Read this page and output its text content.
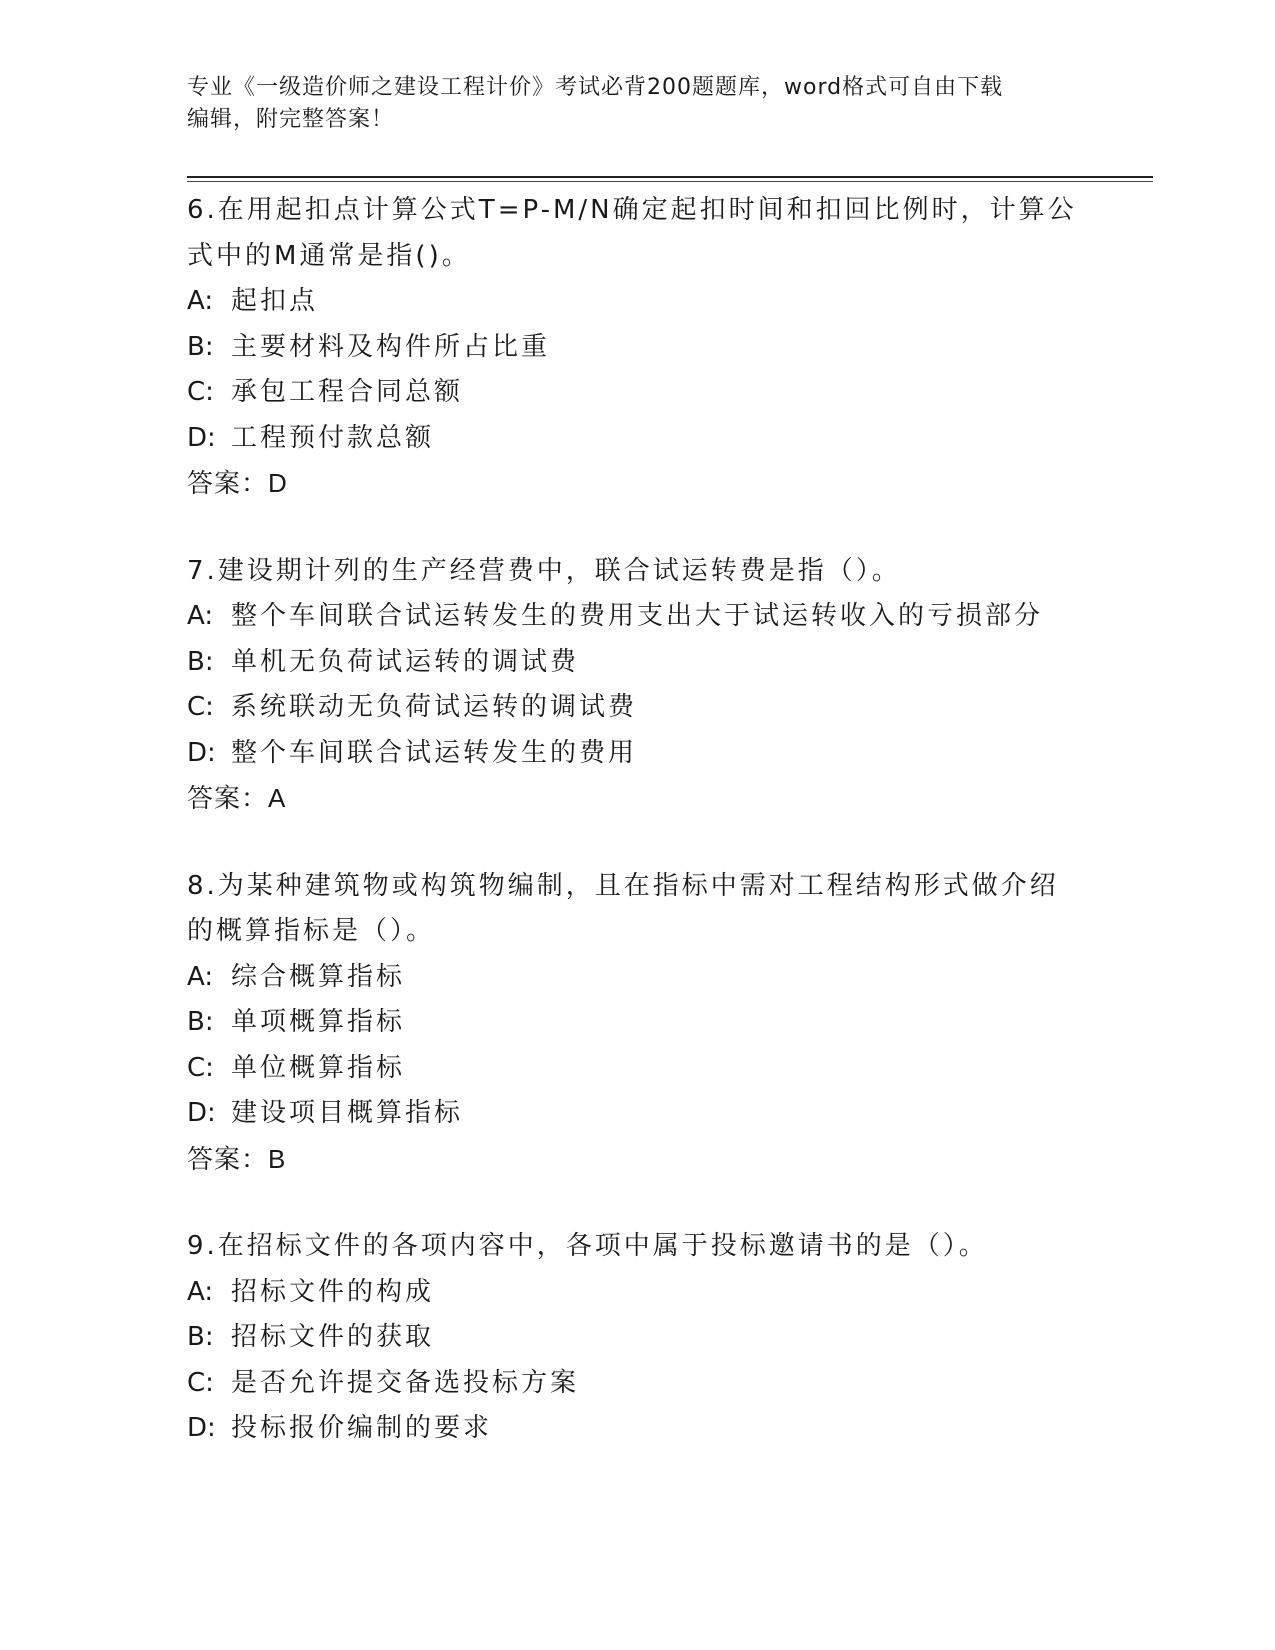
专业《一级造价师之建设工程计价》考试必背200题题库，word格式可自由下载
编辑，附完整答案！
6.在用起扣点计算公式T=P-M/N确定起扣时间和扣回比例时，计算公
式中的M通常是指()。
A: 起扣点
B: 主要材料及构件所占比重
C: 承包工程合同总额
D: 工程预付款总额
答案：D
7.建设期计列的生产经营费中，联合试运转费是指（）。
A: 整个车间联合试运转发生的费用支出大于试运转收入的亏损部分
B: 单机无负荷试运转的调试费
C: 系统联动无负荷试运转的调试费
D: 整个车间联合试运转发生的费用
答案：A
8.为某种建筑物或构筑物编制，且在指标中需对工程结构形式做介绍
的概算指标是（）。
A: 综合概算指标
B: 单项概算指标
C: 单位概算指标
D: 建设项目概算指标
答案：B
9.在招标文件的各项内容中，各项中属于投标邀请书的是（）。
A: 招标文件的构成
B: 招标文件的获取
C: 是否允许提交备选投标方案
D: 投标报价编制的要求
